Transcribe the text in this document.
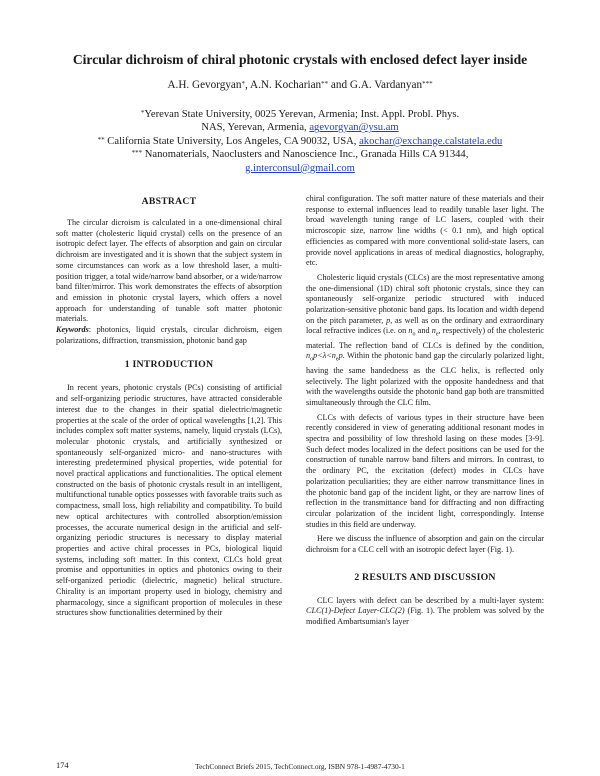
Circular dichroism of chiral photonic crystals with enclosed defect layer inside
A.H. Gevorgyan*, A.N. Kocharian** and G.A. Vardanyan***
*Yerevan State University, 0025 Yerevan, Armenia; Inst. Appl. Probl. Phys.
NAS, Yerevan, Armenia, agevorgyan@ysu.am
** California State University, Los Angeles, CA 90032, USA, akochar@exchange.calstatela.edu
*** Nanomaterials, Naoclusters and Nanoscience Inc., Granada Hills CA 91344,
g.interconsul@gmail.com
ABSTRACT

The circular dicroism is calculated in a one-dimensional chiral soft matter (cholesteric liquid crystal) cells on the presence of an isotropic defect layer. The effects of absorption and gain on circular dichroism are investigated and it is shown that the subject system in some circumstances can work as a low threshold laser, a multi-position trigger, a total wide/narrow band absorber, or a wide/narrow band filter/mirror. This work demonstrates the effects of absorption and emission in photonic crystal layers, which offers a novel approach for understanding of tunable soft matter photonic materials.

Keywords: photonics, liquid crystals, circular dichroism, eigen polarizations, diffraction, transmission, photonic band gap

1 INTRODUCTION

In recent years, photonic crystals (PCs) consisting of artificial and self-organizing periodic structures, have attracted considerable interest due to the changes in their spatial dielectric/magnetic properties at the scale of the order of optical wavelengths [1,2]. This includes complex soft matter systems, namely, liquid crystals (LCs), molecular photonic crystals, and artificially synthesized or spontaneously self-organized micro- and nano-structures with interesting predetermined physical properties, wide potential for novel practical applications and functionalities. The optical element constructed on the basis of photonic crystals result in an intelligent, multifunctional tunable optics possesses with favorable traits such as compactness, small loss, high reliability and compatibility. To build new optical architectures with controlled absorption/emission processes, the accurate numerical design in the artificial and self-organizing periodic structures is necessary to display material properties and active chiral processes in PCs, biological liquid systems, including soft matter. In this context, CLCs hold great promise and opportunities in optics and photonics owing to their self-organized periodic (dielectric, magnetic) helical structure. Chirality is an important property used in biology, chemistry and pharmacology, since a significant proportion of molecules in these structures show functionalities determined by their

chiral configuration. The soft matter nature of these materials and their response to external influences lead to readily tunable laser light. The broad wavelength tuning range of LC lasers, coupled with their microscopic size, narrow line widths (< 0.1 nm), and high optical efficiencies as compared with more conventional solid-state lasers, can provide novel applications in areas of medical diagnostics, holography, etc.

Cholesteric liquid crystals (CLCs) are the most representative among the one-dimensional (1D) chiral soft photonic crystals, since they can spontaneously self-organize periodic structured with induced polarization-sensitive photonic band gaps. Its location and width depend on the pitch parameter, p, as well as on the ordinary and extraordinary local refractive indices (i.e. on $n_o$ and $n_e$, respectively) of the cholesteric material. The reflection band of CLCs is defined by the condition, $n_op<\lambda<n_ep$. Within the photonic band gap the circularly polarized light, having the same handedness as the CLC helix, is reflected only selectively. The light polarized with the opposite handedness and that with the wavelengths outside the photonic band gap both are transmitted simultaneously through the CLC film.

CLCs with defects of various types in their structure have been recently considered in view of generating additional resonant modes in spectra and possibility of low threshold lasing on these modes [3-9]. Such defect modes localized in the defect positions can be used for the construction of tunable narrow band filters and mirrors. In contrast, to the ordinary PC, the excitation (defect) modes in CLCs have polarization peculiarities; they are either narrow transmittance lines in the photonic band gap of the incident light, or they are narrow lines of reflection in the transmittance band for diffracting and non diffracting circular polarization of the incident light, correspondingly. Intense studies in this field are underway.

Here we discuss the influence of absorption and gain on the circular dichroism for a CLC cell with an isotropic defect layer (Fig. 1).

2 RESULTS AND DISCUSSION

CLC layers with defect can be described by a multi-layer system: CLC(1)-Defect Layer-CLC(2) (Fig. 1). The problem was solved by the modified Ambartsumian's layer

174	TechConnect Briefs 2015, TechConnect.org, ISBN 978-1-4987-4730-1
